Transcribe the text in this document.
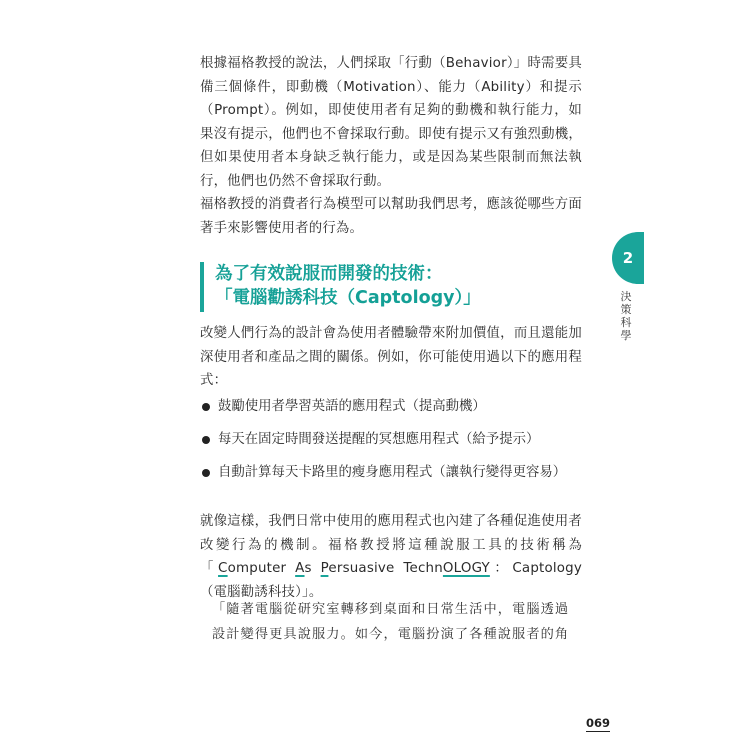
根據福格教授的說法，人們採取「行動（Behavior）」時需要具備三個條件，即動機（Motivation）、能力（Ability）和提示（Prompt）。例如，即使使用者有足夠的動機和執行能力，如果沒有提示，他們也不會採取行動。即使有提示又有強烈動機，但如果使用者本身缺乏執行能力，或是因為某些限制而無法執行，他們也仍然不會採取行動。

福格教授的消費者行為模型可以幫助我們思考，應該從哪些方面著手來影響使用者的行為。

為了有效說服而開發的技術：
「電腦勸誘科技（Captology）」

改變人們行為的設計會為使用者體驗帶來附加價值，而且還能加深使用者和產品之間的關係。例如，你可能使用過以下的應用程式：

鼓勵使用者學習英語的應用程式（提高動機）
每天在固定時間發送提醒的冥想應用程式（給予提示）
自動計算每天卡路里的瘦身應用程式（讓執行變得更容易）

就像這樣，我們日常中使用的應用程式也內建了各種促進使用者改變行為的機制。福格教授將這種說服工具的技術稱為「Computer As Persuasive TechnOLOGY：Captology（電腦勸誘科技）」。

「隨著電腦從研究室轉移到桌面和日常生活中，電腦透過設計變得更具說服力。如今，電腦扮演了各種說服者的角

2
決策科學
069
